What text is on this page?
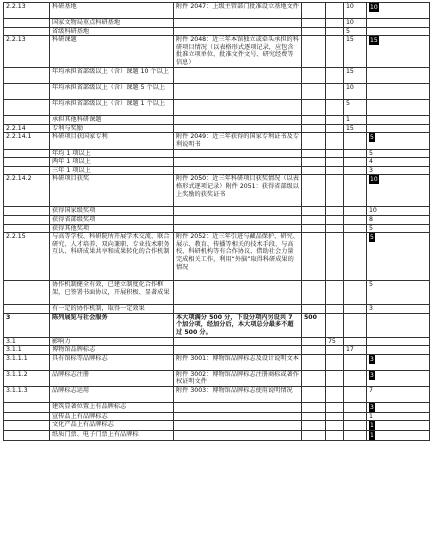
2.2.13	科研基地	附件 2047：上级主管部门批准设立基地文件			10	10
	国家文物局重点科研基地				10	
	省级科研基地				5	
2.2.13	科研课题	附件 2048：近三年本馆独立或牵头承担的科研项目情况（以表格形式逐项记录，应包含批准立项单位、批准文件文号、研究经费等信息）			15	15
	年均承担省部级以上（含）课题 10 个以上				15	
	年均承担省部级以上（含）课题 5 个以上				10	
	年均承担省部级以上（含）课题 1 个以上				5	
	承担其他科研课题				1	
2.2.14	专利与奖励				15	
2.2.14.1	科研项目获国家专利	附件 2049：近三年获得的国家专利证书及专利说明书				5
	年均 1 项以上					5
	两年 1 项以上					4
	三年 1 项以上					3
2.2.14.2	科研项目获奖	附件 2050：近三年科研项目获奖情况（以表格形式逐项记录）附件 2051：获得省部级以上奖励的获奖证书				10
	获得国家级奖项					10
	获得省部级奖项					8
	获得其他奖项					5
2.2.15	与高等学校、科研院所开展学术交流、联合研究、人才培养、双向兼职、专业技术职务互认、科研成果共享和成果转化的合作机制	附件 2052：近三年引进与藏品保护、研究、展示、教育、传播等相关的技术手段、与高校、科研机构等有合作协议、借助社会力量完成相关工作，利用“外脑”取得科研成果的情况				5
	协作机制健全有效，已建立制度化合作框架，已签署书面协议，开展积极、显著成果					5
	有一定的协作机制，取得一定效果					3
3	陈列展览与社会服务	本大项满分 500 分，下设分项内另设共 7 个加分项，经加分后，本大项总分最多不超过 500 分。	500			
3.1	影响力			75		
3.1.1	博物馆品牌标志				17	
3.1.1.1	具有馆标等品牌标志	附件 3001：博物馆品牌标志及设计说明文本				3
3.1.1.2	品牌标志注册	附件 3002：博物馆品牌标志注册商标或著作权证明文件				3
3.1.1.3	品牌标志运用	附件 3003：博物馆品牌标志使用说明情况				7
	建筑显著位置上有品牌标志					3
	宣传品上有品牌标志					1
	文化产品上有品牌标志					1
	纸质门票、电子门票上有品牌标					1
